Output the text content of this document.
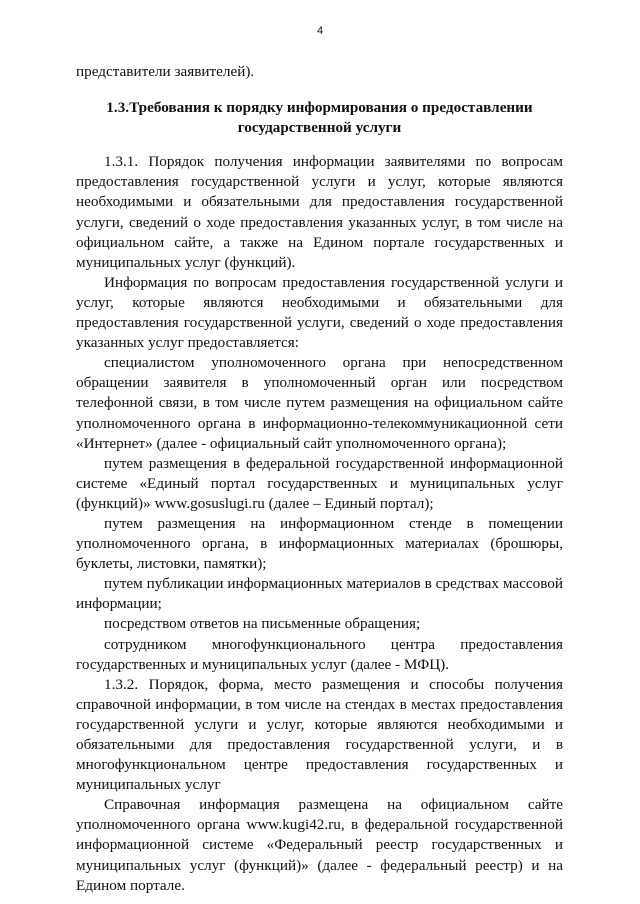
4

представители заявителей).

1.3.Требования к порядку информирования о предоставлении
государственной услуги

1.3.1. Порядок получения информации заявителями по вопросам предоставления государственной услуги и услуг, которые являются необходимыми и обязательными для предоставления государственной услуги, сведений о ходе предоставления указанных услуг, в том числе на официальном сайте, а также на Едином портале государственных и муниципальных услуг (функций).

Информация по вопросам предоставления государственной услуги и услуг, которые являются необходимыми и обязательными для предоставления государственной услуги, сведений о ходе предоставления указанных услуг предоставляется:

специалистом уполномоченного органа при непосредственном обращении заявителя в уполномоченный орган или посредством телефонной связи, в том числе путем размещения на официальном сайте уполномоченного органа в информационно-телекоммуникационной сети «Интернет» (далее - официальный сайт уполномоченного органа);

путем размещения в федеральной государственной информационной системе «Единый портал государственных и муниципальных услуг (функций)» www.gosuslugi.ru (далее – Единый портал);

путем размещения на информационном стенде в помещении уполномоченного органа, в информационных материалах (брошюры, буклеты, листовки, памятки);

путем публикации информационных материалов в средствах массовой информации;

посредством ответов на письменные обращения;

сотрудником многофункционального центра предоставления государственных и муниципальных услуг (далее - МФЦ).

1.3.2. Порядок, форма, место размещения и способы получения справочной информации, в том числе на стендах в местах предоставления государственной услуги и услуг, которые являются необходимыми и обязательными для предоставления государственной услуги, и в многофункциональном центре предоставления государственных и муниципальных услуг

Справочная информация размещена на официальном сайте уполномоченного органа www.kugi42.ru, в федеральной государственной информационной системе «Федеральный реестр государственных и муниципальных услуг (функций)» (далее - федеральный реестр) и на Едином портале.
